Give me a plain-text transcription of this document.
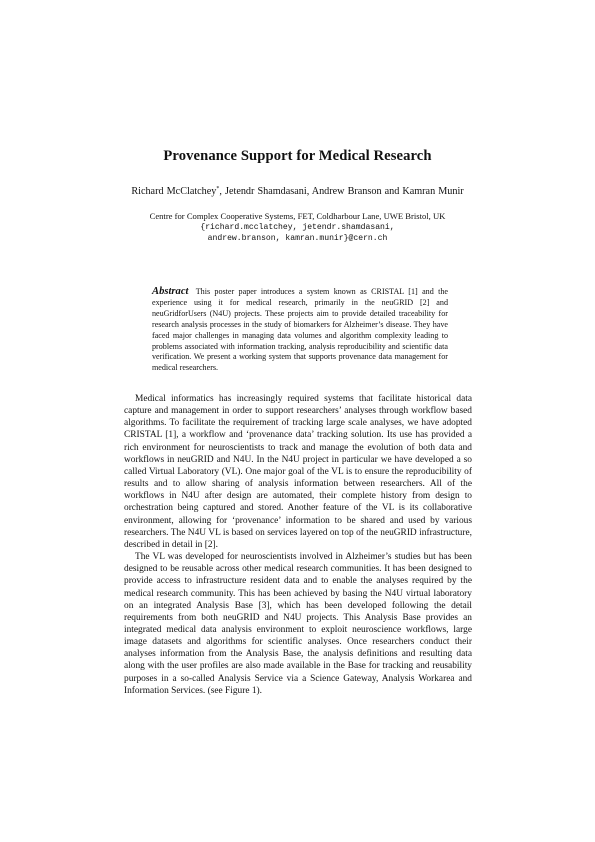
Provenance Support for Medical Research
Richard McClatchey*, Jetendr Shamdasani, Andrew Branson and Kamran Munir
Centre for Complex Cooperative Systems, FET, Coldharbour Lane, UWE Bristol, UK
{richard.mcclatchey, jetendr.shamdasani,
andrew.branson, kamran.munir}@cern.ch
Abstract This poster paper introduces a system known as CRISTAL [1] and the experience using it for medical research, primarily in the neuGRID [2] and neuGridforUsers (N4U) projects. These projects aim to provide detailed traceability for research analysis processes in the study of biomarkers for Alzheimer’s disease. They have faced major challenges in managing data volumes and algorithm complexity leading to problems associated with information tracking, analysis reproducibility and scientific data verification. We present a working system that supports provenance data management for medical researchers.

Medical informatics has increasingly required systems that facilitate historical data capture and management in order to support researchers’ analyses through workflow based algorithms. To facilitate the requirement of tracking large scale analyses, we have adopted CRISTAL [1], a workflow and ‘provenance data’ tracking solution. Its use has provided a rich environment for neuroscientists to track and manage the evolution of both data and workflows in neuGRID and N4U. In the N4U project in particular we have developed a so called Virtual Laboratory (VL). One major goal of the VL is to ensure the reproducibility of results and to allow sharing of analysis information between researchers. All of the workflows in N4U after design are automated, their complete history from design to orchestration being captured and stored. Another feature of the VL is its collaborative environment, allowing for ‘provenance’ information to be shared and used by various researchers. The N4U VL is based on services layered on top of the neuGRID infrastructure, described in detail in [2].

The VL was developed for neuroscientists involved in Alzheimer’s studies but has been designed to be reusable across other medical research communities. It has been designed to provide access to infrastructure resident data and to enable the analyses required by the medical research community. This has been achieved by basing the N4U virtual laboratory on an integrated Analysis Base [3], which has been developed following the detail requirements from both neuGRID and N4U projects. This Analysis Base provides an integrated medical data analysis environment to exploit neuroscience workflows, large image datasets and algorithms for scientific analyses. Once researchers conduct their analyses information from the Analysis Base, the analysis definitions and resulting data along with the user profiles are also made available in the Base for tracking and reusability purposes in a so-called Analysis Service via a Science Gateway, Analysis Workarea and Information Services. (see Figure 1).
